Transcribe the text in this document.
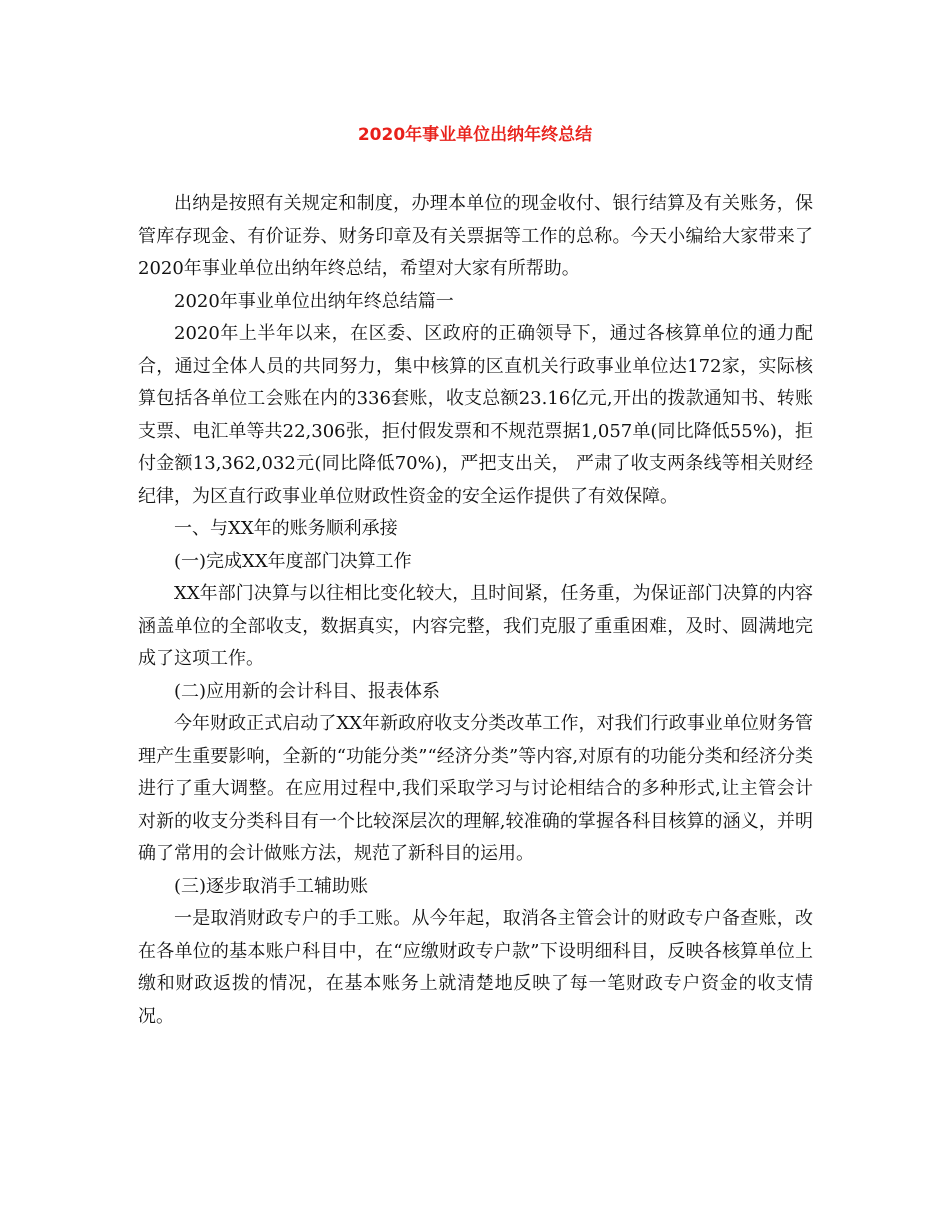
2020年事业单位出纳年终总结

出纳是按照有关规定和制度，办理本单位的现金收付、银行结算及有关账务，保管库存现金、有价证券、财务印章及有关票据等工作的总称。今天小编给大家带来了2020年事业单位出纳年终总结，希望对大家有所帮助。

2020年事业单位出纳年终总结篇一

2020年上半年以来，在区委、区政府的正确领导下，通过各核算单位的通力配合，通过全体人员的共同努力，集中核算的区直机关行政事业单位达172家，实际核算包括各单位工会账在内的336套账，收支总额23.16亿元,开出的拨款通知书、转账支票、电汇单等共22,306张，拒付假发票和不规范票据1,057单(同比降低55%)，拒付金额13,362,032元(同比降低70%)，严把支出关， 严肃了收支两条线等相关财经纪律，为区直行政事业单位财政性资金的安全运作提供了有效保障。

一、与XX年的账务顺利承接

(一)完成XX年度部门决算工作

XX年部门决算与以往相比变化较大，且时间紧，任务重，为保证部门决算的内容涵盖单位的全部收支，数据真实，内容完整，我们克服了重重困难，及时、圆满地完成了这项工作。

(二)应用新的会计科目、报表体系

今年财政正式启动了XX年新政府收支分类改革工作，对我们行政事业单位财务管理产生重要影响，全新的“功能分类”“经济分类”等内容,对原有的功能分类和经济分类进行了重大调整。在应用过程中,我们采取学习与讨论相结合的多种形式,让主管会计对新的收支分类科目有一个比较深层次的理解,较准确的掌握各科目核算的涵义，并明确了常用的会计做账方法，规范了新科目的运用。

(三)逐步取消手工辅助账

一是取消财政专户的手工账。从今年起，取消各主管会计的财政专户备查账，改在各单位的基本账户科目中，在“应缴财政专户款”下设明细科目，反映各核算单位上缴和财政返拨的情况，在基本账务上就清楚地反映了每一笔财政专户资金的收支情况。
